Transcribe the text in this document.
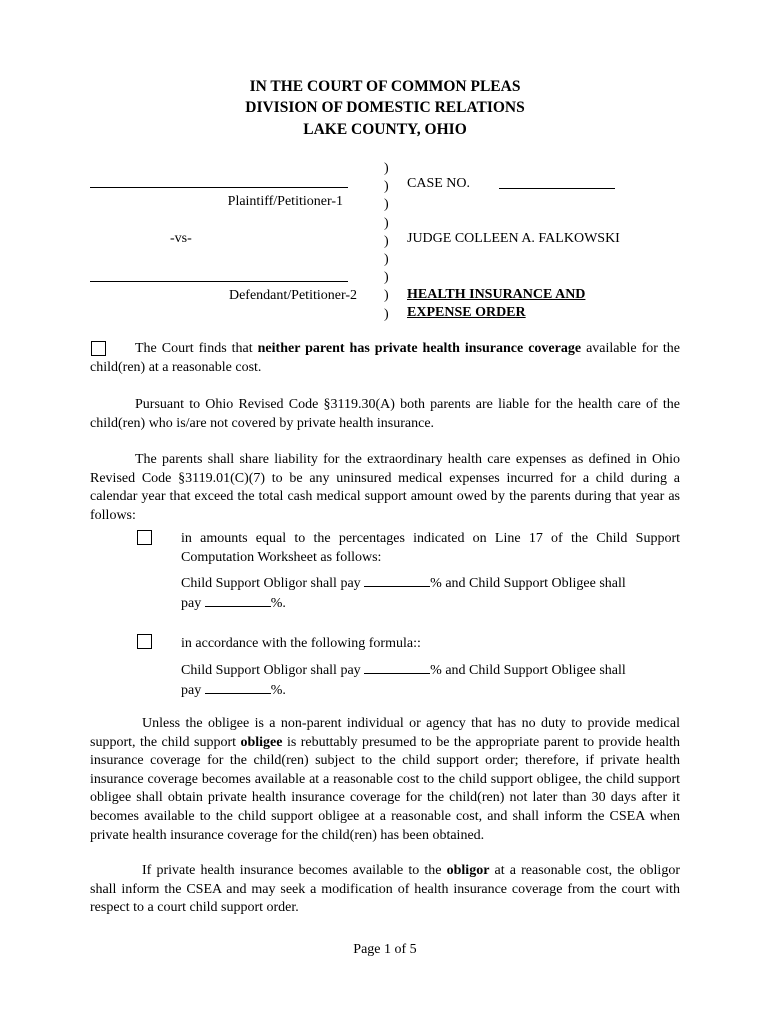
IN THE COURT OF COMMON PLEAS
DIVISION OF DOMESTIC RELATIONS
LAKE COUNTY, OHIO
Plaintiff/Petitioner-1
-vs-
Defendant/Petitioner-2
)
)
)
)
)
)
)
)
)
CASE NO.
JUDGE COLLEEN A. FALKOWSKI
HEALTH INSURANCE AND
EXPENSE ORDER
The Court finds that neither parent has private health insurance coverage available for the child(ren) at a reasonable cost.
Pursuant to Ohio Revised Code §3119.30(A) both parents are liable for the health care of the child(ren) who is/are not covered by private health insurance.
The parents shall share liability for the extraordinary health care expenses as defined in Ohio Revised Code §3119.01(C)(7) to be any uninsured medical expenses incurred for a child during a calendar year that exceed the total cash medical support amount owed by the parents during that year as follows:
in amounts equal to the percentages indicated on Line 17 of the Child Support Computation Worksheet as follows:
Child Support Obligor shall pay	% and Child Support Obligee shall
pay	%.
in accordance with the following formula::
Child Support Obligor shall pay	% and Child Support Obligee shall
pay	%.
Unless the obligee is a non-parent individual or agency that has no duty to provide medical support, the child support obligee is rebuttably presumed to be the appropriate parent to provide health insurance coverage for the child(ren) subject to the child support order; therefore, if private health insurance coverage becomes available at a reasonable cost to the child support obligee, the child support obligee shall obtain private health insurance coverage for the child(ren) not later than 30 days after it becomes available to the child support obligee at a reasonable cost, and shall inform the CSEA when private health insurance coverage for the child(ren) has been obtained.
If private health insurance becomes available to the obligor at a reasonable cost, the obligor shall inform the CSEA and may seek a modification of health insurance coverage from the court with respect to a court child support order.
Page 1 of 5
